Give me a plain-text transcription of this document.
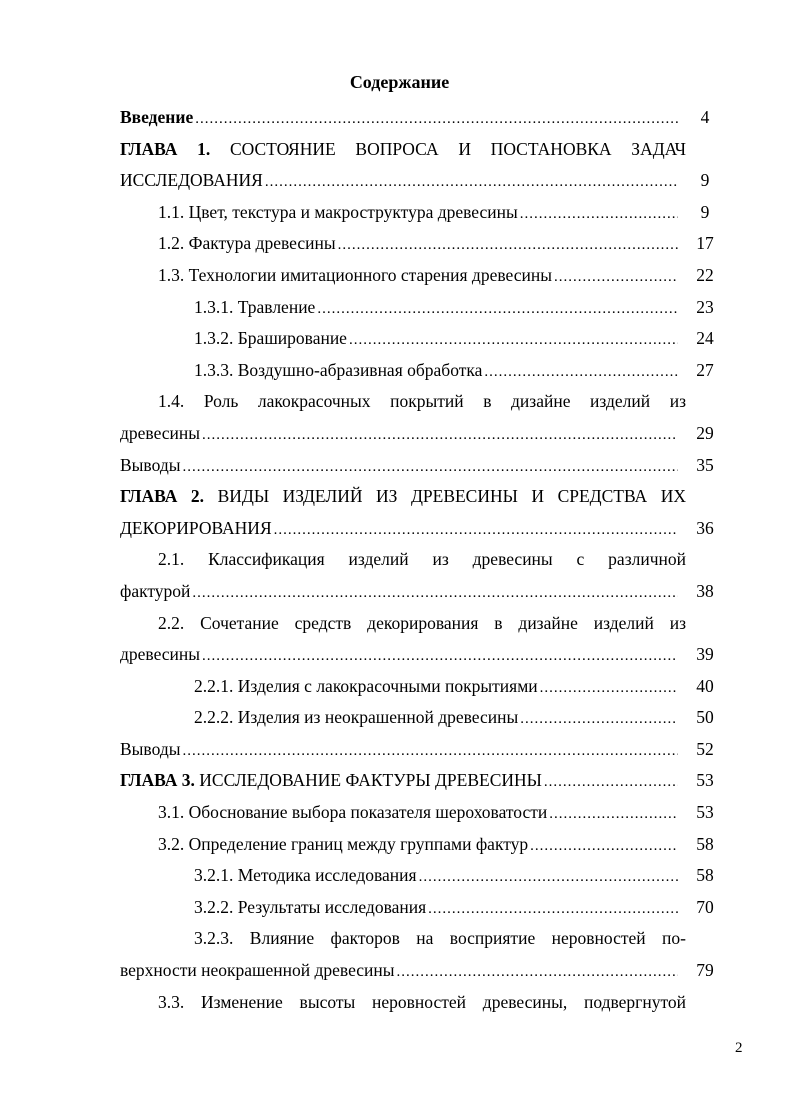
Содержание
Введение .....	4
ГЛАВА 1. СОСТОЯНИЕ ВОПРОСА И ПОСТАНОВКА ЗАДАЧ
ИССЛЕДОВАНИЯ .....	9
1.1. Цвет, текстура и макроструктура древесины .....	9
1.2. Фактура древесины .....	17
1.3. Технологии имитационного старения древесины .....	22
1.3.1. Травление .....	23
1.3.2. Браширование .....	24
1.3.3. Воздушно-абразивная обработка .....	27
1.4. Роль лакокрасочных покрытий в дизайне изделий из
древесины .....	29
Выводы .....	35
ГЛАВА 2. ВИДЫ ИЗДЕЛИЙ ИЗ ДРЕВЕСИНЫ И СРЕДСТВА ИХ
ДЕКОРИРОВАНИЯ .....	36
2.1. Классификация изделий из древесины с различной
фактурой .....	38
2.2. Сочетание средств декорирования в дизайне изделий из
древесины .....	39
2.2.1. Изделия с лакокрасочными покрытиями .....	40
2.2.2. Изделия из неокрашенной древесины .....	50
Выводы .....	52
ГЛАВА 3. ИССЛЕДОВАНИЕ ФАКТУРЫ ДРЕВЕСИНЫ .....	53
3.1. Обоснование выбора показателя шероховатости .....	53
3.2. Определение границ между группами фактур .....	58
3.2.1. Методика исследования .....	58
3.2.2. Результаты исследования .....	70
3.2.3. Влияние факторов на восприятие неровностей по-
верхности неокрашенной древесины .....	79
3.3. Изменение высоты неровностей древесины, подвергнутой
2
